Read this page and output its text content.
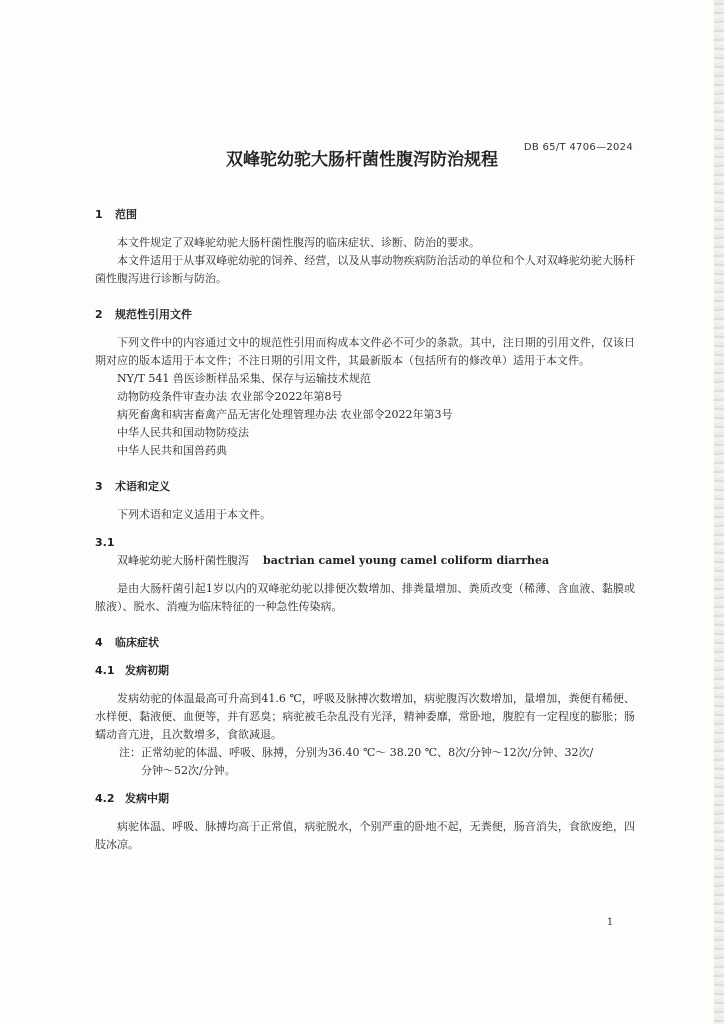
DB 65/T 4706—2024
双峰驼幼驼大肠杆菌性腹泻防治规程
1 范围

本文件规定了双峰驼幼驼大肠杆菌性腹泻的临床症状、诊断、防治的要求。

本文件适用于从事双峰驼幼驼的饲养、经营，以及从事动物疾病防治活动的单位和个人对双峰驼幼驼大肠杆菌性腹泻进行诊断与防治。

2 规范性引用文件

下列文件中的内容通过文中的规范性引用而构成本文件必不可少的条款。其中，注日期的引用文件，仅该日期对应的版本适用于本文件；不注日期的引用文件，其最新版本（包括所有的修改单）适用于本文件。

NY/T 541 兽医诊断样品采集、保存与运输技术规范
动物防疫条件审查办法 农业部令2022年第8号
病死畜禽和病害畜禽产品无害化处理管理办法 农业部令2022年第3号
中华人民共和国动物防疫法
中华人民共和国兽药典
3 术语和定义

下列术语和定义适用于本文件。

3.1
双峰驼幼驼大肠杆菌性腹泻 bactrian camel young camel coliform diarrhea

是由大肠杆菌引起1岁以内的双峰驼幼驼以排便次数增加、排粪量增加、粪质改变（稀薄、含血液、黏膜或脓液）、脱水、消瘦为临床特征的一种急性传染病。

4 临床症状
4.1 发病初期

发病幼驼的体温最高可升高到41.6 ℃，呼吸及脉搏次数增加，病驼腹泻次数增加，量增加，粪便有稀便、水样便、黏液便、血便等，并有恶臭；病驼被毛杂乱没有光泽，精神委靡，常卧地，腹腔有一定程度的膨胀；肠蠕动音亢进，且次数增多，食欲减退。

注：正常幼驼的体温、呼吸、脉搏，分别为36.40 ℃～ 38.20 ℃、8次/分钟～12次/分钟、32次/
分钟～52次/分钟。
4.2 发病中期

病驼体温、呼吸、脉搏均高于正常值，病驼脱水，个别严重的卧地不起，无粪便，肠音消失，食欲废绝，四肢冰凉。

1
